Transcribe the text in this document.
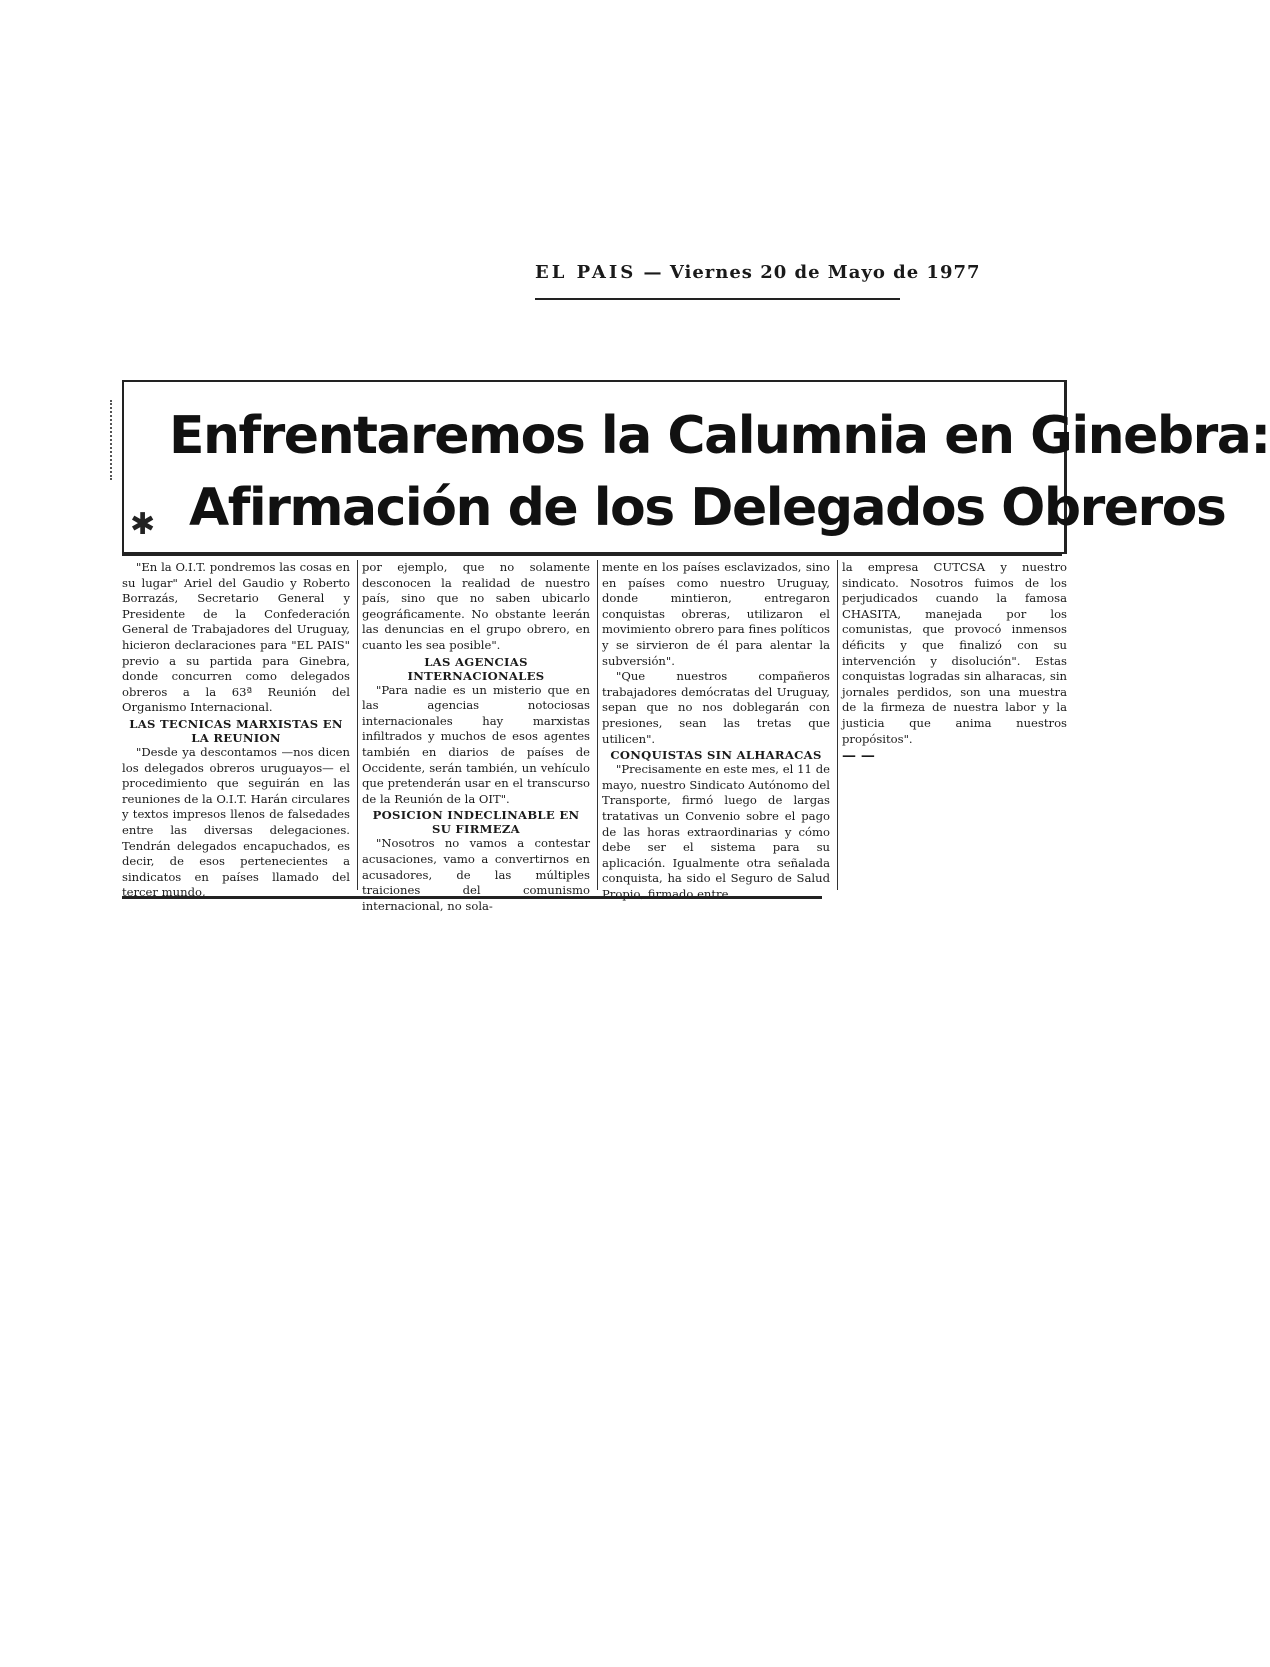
EL PAIS — Viernes 20 de Mayo de 1977
Enfrentaremos la Calumnia en Ginebra:
Afirmación de los Delegados Obreros
✱

"En la O.I.T. pondremos las cosas en su lugar" Ariel del Gaudio y Roberto Borrazás, Secretario General y Presidente de la Confederación General de Trabajadores del Uruguay, hicieron declaraciones para "EL PAIS" previo a su partida para Ginebra, donde concurren como delegados obreros a la 63ª Reunión del Organismo Internacional.

LAS TECNICAS MARXISTAS EN LA REUNION

"Desde ya descontamos —nos dicen los delegados obreros uruguayos— el procedimiento que seguirán en las reuniones de la O.I.T. Harán circulares y textos impresos llenos de falsedades entre las diversas delegaciones. Tendrán delegados encapuchados, es decir, de esos pertenecientes a sindicatos en países llamado del tercer mundo,

por ejemplo, que no solamente desconocen la realidad de nuestro país, sino que no saben ubicarlo geográficamente. No obstante leerán las denuncias en el grupo obrero, en cuanto les sea posible".

LAS AGENCIAS INTERNACIONALES

"Para nadie es un misterio que en las agencias notociosas internacionales hay marxistas infiltrados y muchos de esos agentes también en diarios de países de Occidente, serán también, un vehículo que pretenderán usar en el transcurso de la Reunión de la OIT".

POSICION INDECLINABLE EN SU FIRMEZA

"Nosotros no vamos a contestar acusaciones, vamo a convertirnos en acusadores, de las múltiples traiciones del comunismo internacional, no sola-

mente en los países esclavizados, sino en países como nuestro Uruguay, donde mintieron, entregaron conquistas obreras, utilizaron el movimiento obrero para fines políticos y se sirvieron de él para alentar la subversión".

"Que nuestros compañeros trabajadores demócratas del Uruguay, sepan que no nos doblegarán con presiones, sean las tretas que utilicen".

CONQUISTAS SIN ALHARACAS

"Precisamente en este mes, el 11 de mayo, nuestro Sindicato Autónomo del Transporte, firmó luego de largas tratativas un Convenio sobre el pago de las horas extraordinarias y cómo debe ser el sistema para su aplicación. Igualmente otra señalada conquista, ha sido el Seguro de Salud Propio, firmado entre

la empresa CUTCSA y nuestro sindicato. Nosotros fuimos de los perjudicados cuando la famosa CHASITA, manejada por los comunistas, que provocó inmensos déficits y que finalizó con su intervención y disolución". Estas conquistas logradas sin alharacas, sin jornales perdidos, son una muestra de la firmeza de nuestra labor y la justicia que anima nuestros propósitos".

— —
